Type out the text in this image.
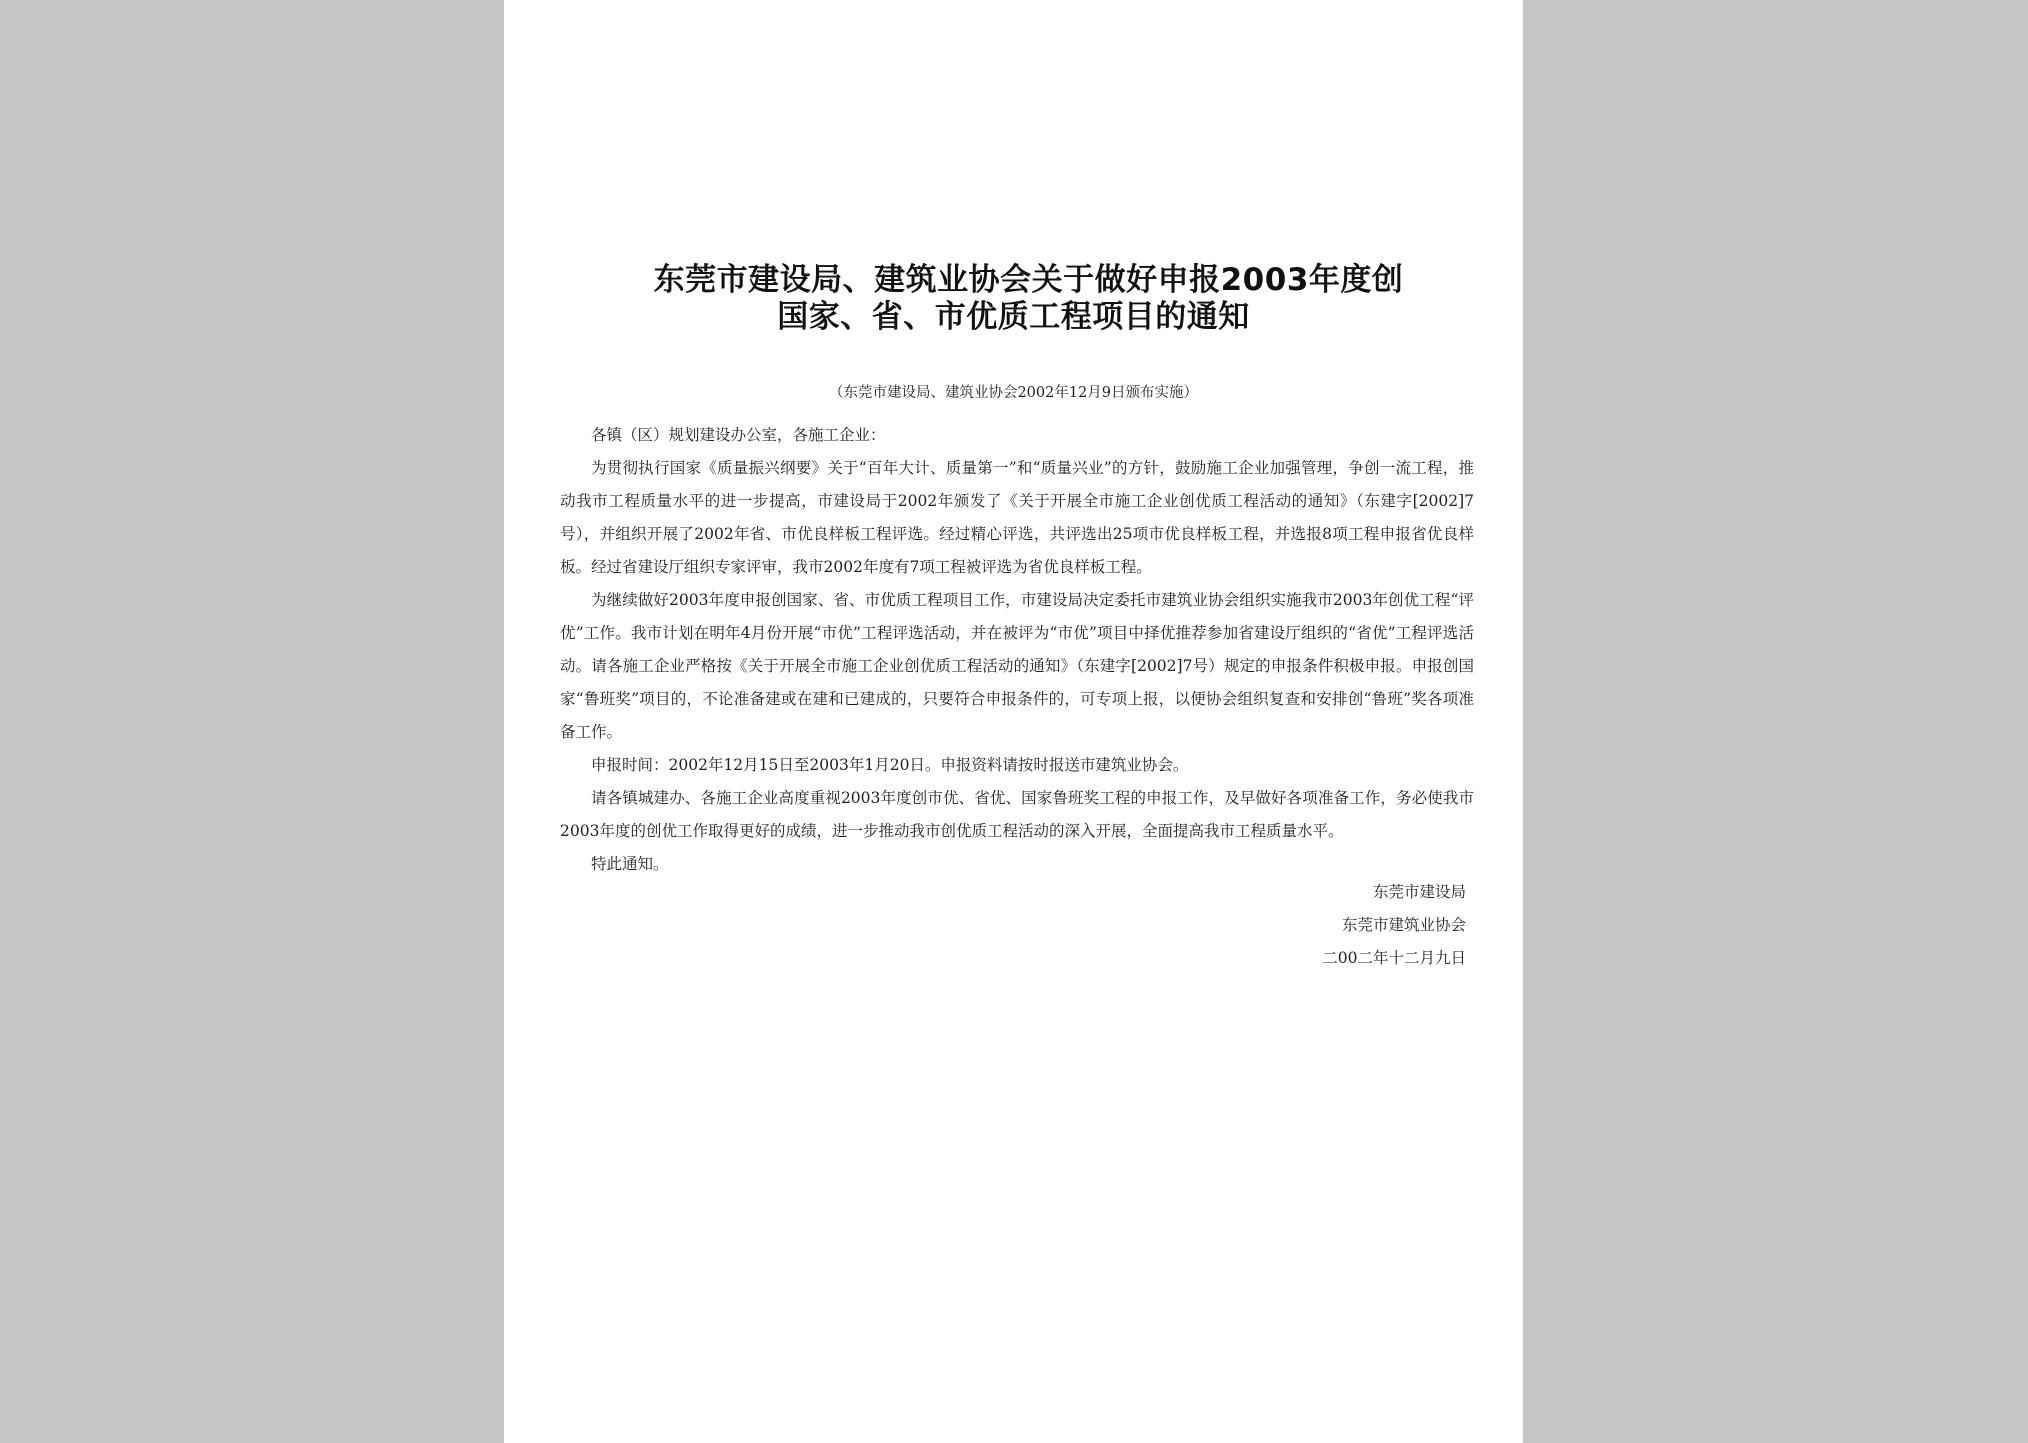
东莞市建设局、建筑业协会关于做好申报2003年度创
国家、省、市优质工程项目的通知
（东莞市建设局、建筑业协会2002年12月9日颁布实施）

各镇（区）规划建设办公室，各施工企业：

为贯彻执行国家《质量振兴纲要》关于“百年大计、质量第一”和“质量兴业”的方针，鼓励施工企业加强管理，争创一流工程，推动我市工程质量水平的进一步提高，市建设局于2002年颁发了《关于开展全市施工企业创优质工程活动的通知》（东建字[2002]7号），并组织开展了2002年省、市优良样板工程评选。经过精心评选，共评选出25项市优良样板工程，并选报8项工程申报省优良样板。经过省建设厅组织专家评审，我市2002年度有7项工程被评选为省优良样板工程。

为继续做好2003年度申报创国家、省、市优质工程项目工作，市建设局决定委托市建筑业协会组织实施我市2003年创优工程“评优”工作。我市计划在明年4月份开展“市优”工程评选活动，并在被评为“市优”项目中择优推荐参加省建设厅组织的“省优”工程评选活动。请各施工企业严格按《关于开展全市施工企业创优质工程活动的通知》（东建字[2002]7号）规定的申报条件积极申报。申报创国家“鲁班奖”项目的，不论准备建或在建和已建成的，只要符合申报条件的，可专项上报，以便协会组织复查和安排创“鲁班”奖各项准备工作。

申报时间：2002年12月15日至2003年1月20日。申报资料请按时报送市建筑业协会。

请各镇城建办、各施工企业高度重视2003年度创市优、省优、国家鲁班奖工程的申报工作，及早做好各项准备工作，务必使我市2003年度的创优工作取得更好的成绩，进一步推动我市创优质工程活动的深入开展，全面提高我市工程质量水平。

特此通知。

东莞市建设局
东莞市建筑业协会
二00二年十二月九日
